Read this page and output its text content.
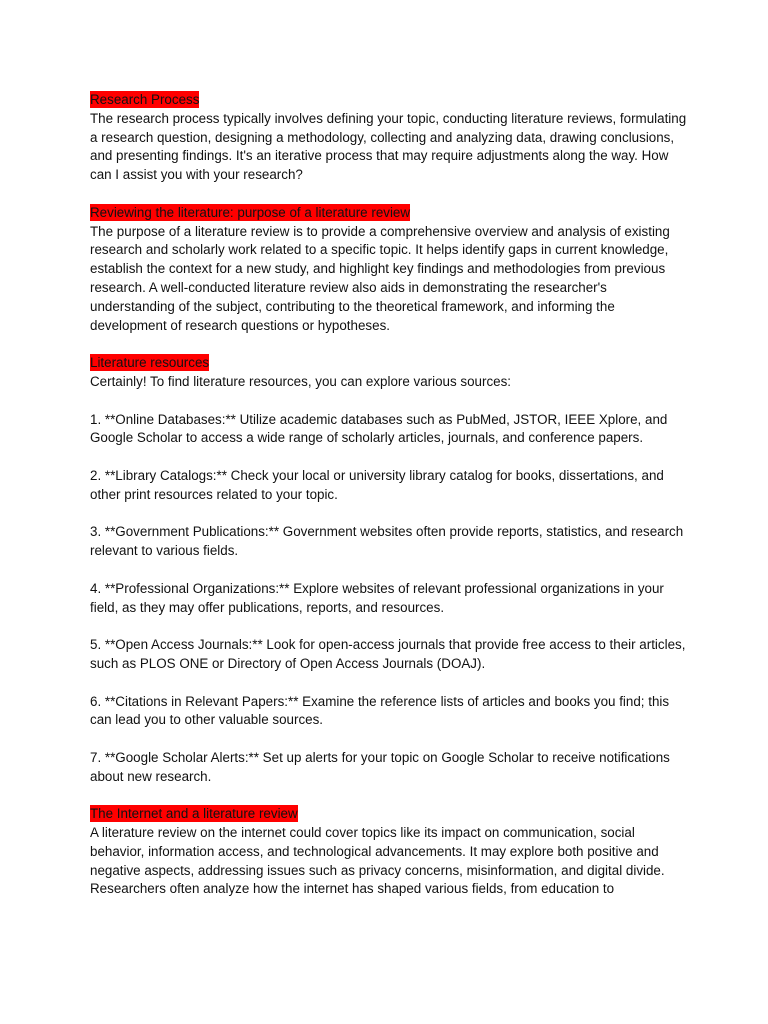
Research Process

The research process typically involves defining your topic, conducting literature reviews, formulating a research question, designing a methodology, collecting and analyzing data, drawing conclusions, and presenting findings. It's an iterative process that may require adjustments along the way. How can I assist you with your research?

Reviewing the literature: purpose of a literature review

The purpose of a literature review is to provide a comprehensive overview and analysis of existing research and scholarly work related to a specific topic. It helps identify gaps in current knowledge, establish the context for a new study, and highlight key findings and methodologies from previous research. A well-conducted literature review also aids in demonstrating the researcher's understanding of the subject, contributing to the theoretical framework, and informing the development of research questions or hypotheses.

Literature resources

Certainly! To find literature resources, you can explore various sources:

1. **Online Databases:** Utilize academic databases such as PubMed, JSTOR, IEEE Xplore, and Google Scholar to access a wide range of scholarly articles, journals, and conference papers.

2. **Library Catalogs:** Check your local or university library catalog for books, dissertations, and other print resources related to your topic.

3. **Government Publications:** Government websites often provide reports, statistics, and research relevant to various fields.

4. **Professional Organizations:** Explore websites of relevant professional organizations in your field, as they may offer publications, reports, and resources.

5. **Open Access Journals:** Look for open-access journals that provide free access to their articles, such as PLOS ONE or Directory of Open Access Journals (DOAJ).

6. **Citations in Relevant Papers:** Examine the reference lists of articles and books you find; this can lead you to other valuable sources.

7. **Google Scholar Alerts:** Set up alerts for your topic on Google Scholar to receive notifications about new research.

The Internet and a literature review

A literature review on the internet could cover topics like its impact on communication, social behavior, information access, and technological advancements. It may explore both positive and negative aspects, addressing issues such as privacy concerns, misinformation, and digital divide. Researchers often analyze how the internet has shaped various fields, from education to
